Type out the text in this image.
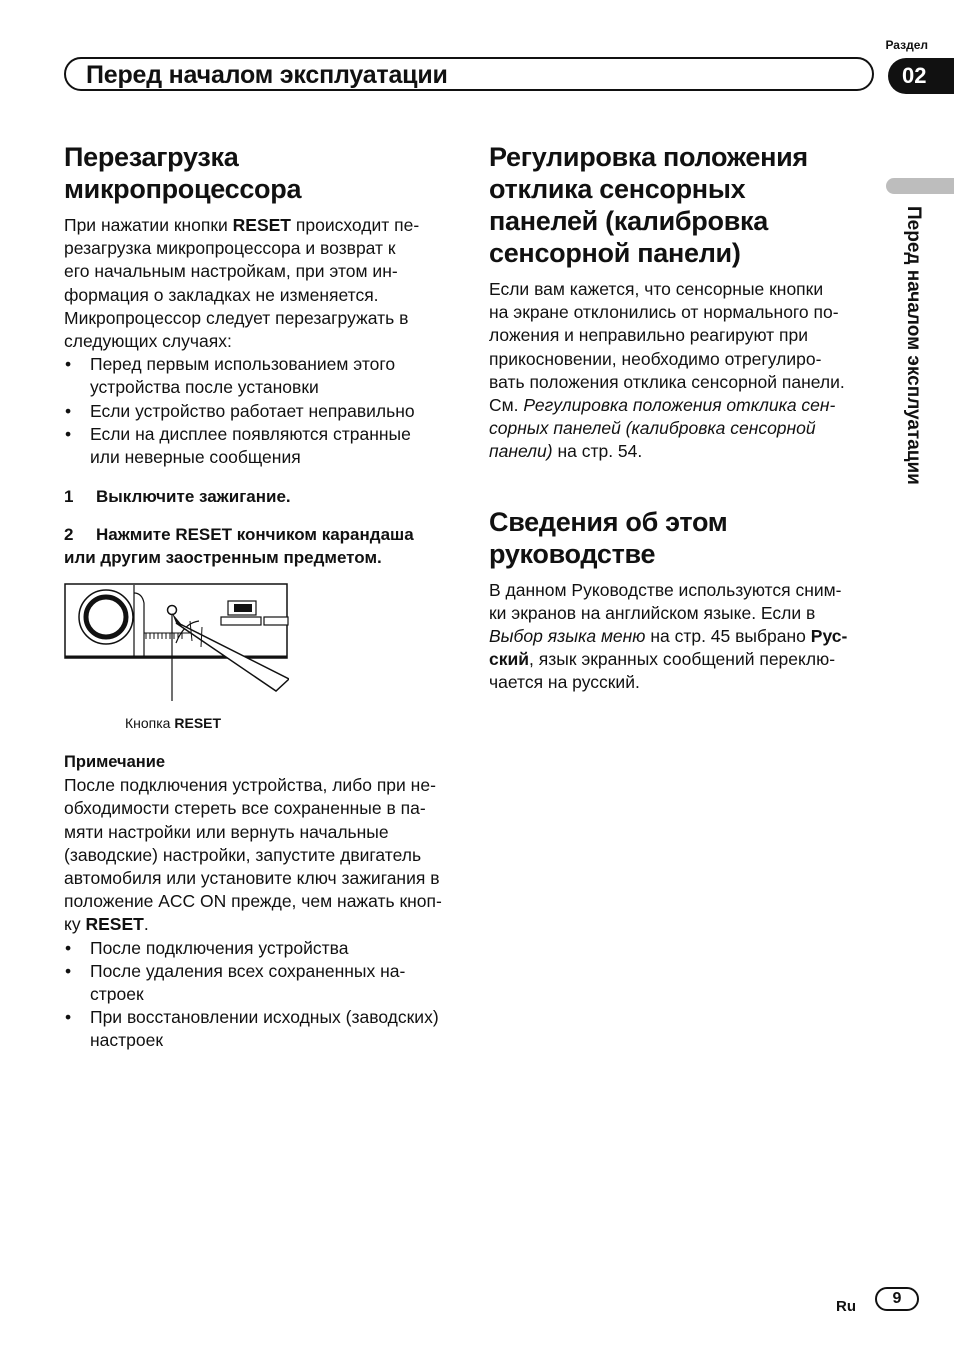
Перед началом эксплуатации
Раздел
02
Перед началом эксплуатации
Перезагрузка
микропроцессора
При нажатии кнопки RESET происходит пе-
резагрузка микропроцессора и возврат к
его начальным настройкам, при этом ин-
формация о закладках не изменяется.
Микропроцессор следует перезагружать в
следующих случаях:
• Перед первым использованием этого
устройства после установки
• Если устройство работает неправильно
• Если на дисплее появляются странные
или неверные сообщения
1 Выключите зажигание.
2 Нажмите RESET кончиком карандаша
или другим заостренным предметом.
Кнопка RESET
Примечание
После подключения устройства, либо при не-
обходимости стереть все сохраненные в па-
мяти настройки или вернуть начальные
(заводские) настройки, запустите двигатель
автомобиля или установите ключ зажигания в
положение ACC ON прежде, чем нажать кноп-
ку RESET.
• После подключения устройства
• После удаления всех сохраненных на-
строек
• При восстановлении исходных (заводских)
настроек
Регулировка положения
отклика сенсорных
панелей (калибровка
сенсорной панели)
Если вам кажется, что сенсорные кнопки
на экране отклонились от нормального по-
ложения и неправильно реагируют при
прикосновении, необходимо отрегулиро-
вать положения отклика сенсорной панели.
См. Регулировка положения отклика сен-
сорных панелей (калибровка сенсорной
панели) на стр. 54.
Сведения об этом
руководстве
В данном Руководстве используются сним-
ки экранов на английском языке. Если в
Выбор языка меню на стр. 45 выбрано Рус-
ский, язык экранных сообщений переклю-
чается на русский.
Ru	9
